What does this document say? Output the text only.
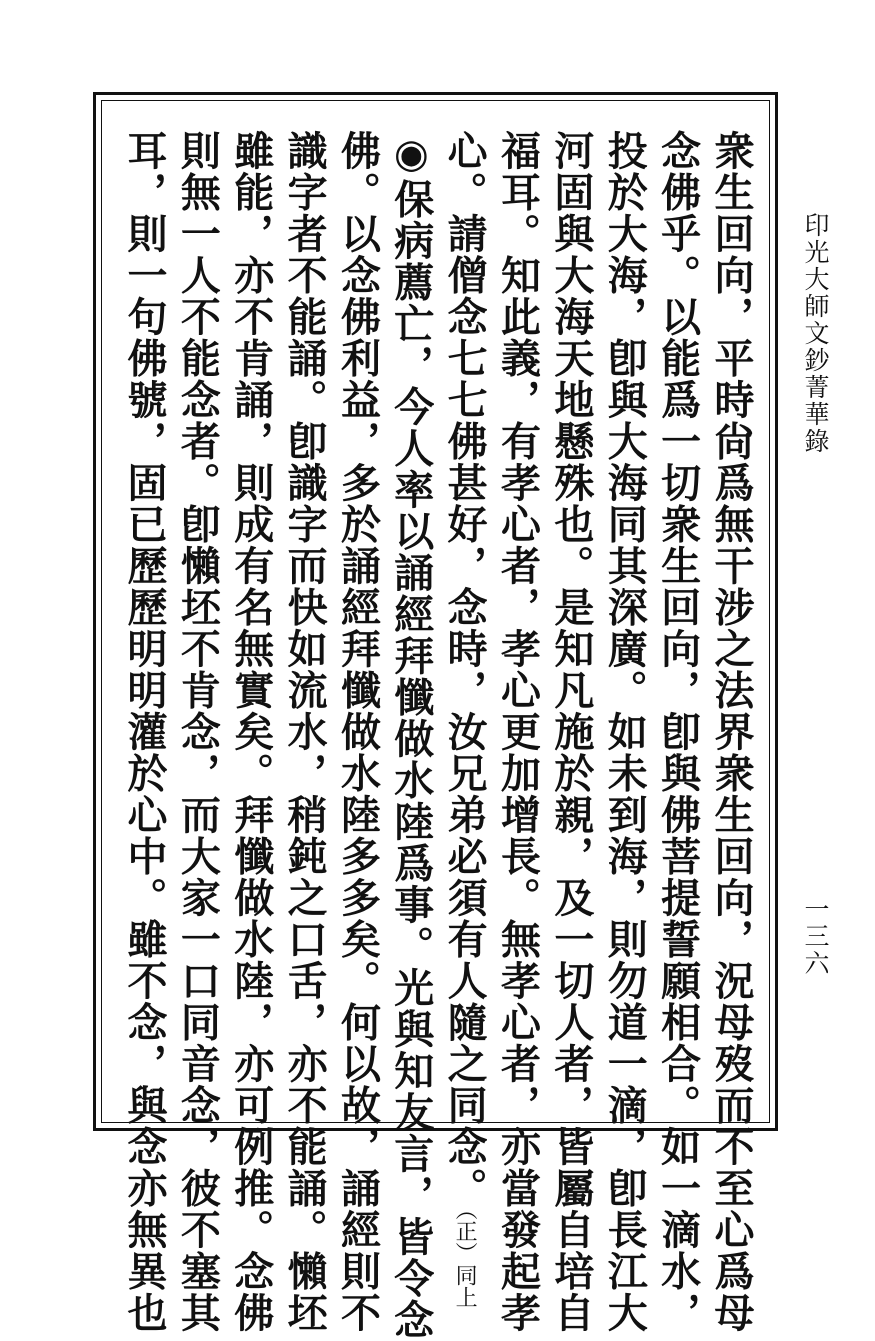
印光大師文鈔菁華錄
一三六
衆生回向，平時尙爲無干涉之法界衆生回向，況母歿而不至心爲母
念佛乎。以能爲一切衆生回向，卽與佛菩提誓願相合。如一滴水，
投於大海，卽與大海同其深廣。如未到海，則勿道一滴，卽長江大
河固與大海天地懸殊也。是知凡施於親，及一切人者，皆屬自培自
福耳。知此義，有孝心者，孝心更加增長。無孝心者，亦當發起孝
心。請僧念七七佛甚好，念時，汝兄弟必須有人隨之同念。（正）同上
◉保病薦亡，今人率以誦經拜懺做水陸爲事。光與知友言，皆令念
佛。以念佛利益，多於誦經拜懺做水陸多多矣。何以故，誦經則不
識字者不能誦。卽識字而快如流水，稍鈍之口舌，亦不能誦。懶坯
雖能，亦不肯誦，則成有名無實矣。拜懺做水陸，亦可例推。念佛
則無一人不能念者。卽懶坯不肯念，而大家一口同音念，彼不塞其
耳，則一句佛號，固已歷歷明明灌於心中。雖不念，與念亦無異也
